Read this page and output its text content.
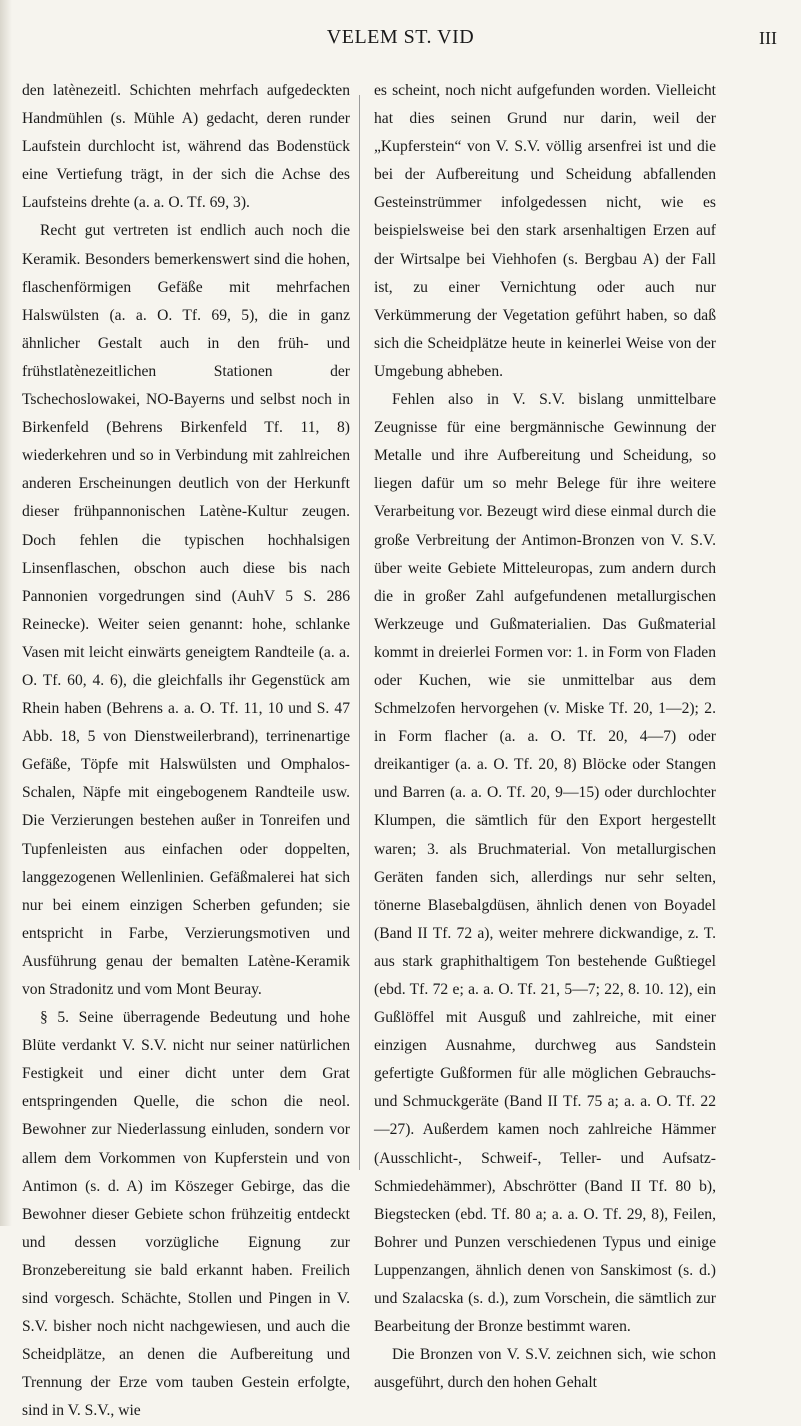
VELEM ST. VID	III

den latènezeitl. Schichten mehrfach aufgedeckten Handmühlen (s. Mühle A) gedacht, deren runder Laufstein durchlocht ist, während das Bodenstück eine Vertiefung trägt, in der sich die Achse des Laufsteins drehte (a. a. O. Tf. 69, 3).

Recht gut vertreten ist endlich auch noch die Keramik. Besonders bemerkenswert sind die hohen, flaschenförmigen Gefäße mit mehrfachen Halswülsten (a. a. O. Tf. 69, 5), die in ganz ähnlicher Gestalt auch in den früh- und frühstlatènezeitlichen Stationen der Tschechoslowakei, NO-Bayerns und selbst noch in Birkenfeld (Behrens Birkenfeld Tf. 11, 8) wiederkehren und so in Verbindung mit zahlreichen anderen Erscheinungen deutlich von der Herkunft dieser frühpannonischen Latène-Kultur zeugen. Doch fehlen die typischen hochhalsigen Linsenflaschen, obschon auch diese bis nach Pannonien vorgedrungen sind (AuhV 5 S. 286 Reinecke). Weiter seien genannt: hohe, schlanke Vasen mit leicht einwärts geneigtem Randteile (a. a. O. Tf. 60, 4. 6), die gleichfalls ihr Gegenstück am Rhein haben (Behrens a. a. O. Tf. 11, 10 und S. 47 Abb. 18, 5 von Dienstweilerbrand), terrinenartige Gefäße, Töpfe mit Halswülsten und Omphalos-Schalen, Näpfe mit eingebogenem Randteile usw. Die Verzierungen bestehen außer in Tonreifen und Tupfenleisten aus einfachen oder doppelten, langgezogenen Wellenlinien. Gefäßmalerei hat sich nur bei einem einzigen Scherben gefunden; sie entspricht in Farbe, Verzierungsmotiven und Ausführung genau der bemalten Latène-Keramik von Stradonitz und vom Mont Beuray.

§ 5. Seine überragende Bedeutung und hohe Blüte verdankt V. S.V. nicht nur seiner natürlichen Festigkeit und einer dicht unter dem Grat entspringenden Quelle, die schon die neol. Bewohner zur Niederlassung einluden, sondern vor allem dem Vorkommen von Kupferstein und von Antimon (s. d. A) im Köszeger Gebirge, das die Bewohner dieser Gebiete schon frühzeitig entdeckt und dessen vorzügliche Eignung zur Bronzebereitung sie bald erkannt haben. Freilich sind vorgesch. Schächte, Stollen und Pingen in V. S.V. bisher noch nicht nachgewiesen, und auch die Scheidplätze, an denen die Aufbereitung und Trennung der Erze vom tauben Gestein erfolgte, sind in V. S.V., wie

es scheint, noch nicht aufgefunden worden. Vielleicht hat dies seinen Grund nur darin, weil der „Kupferstein“ von V. S.V. völlig arsenfrei ist und die bei der Aufbereitung und Scheidung abfallenden Gesteinstrümmer infolgedessen nicht, wie es beispielsweise bei den stark arsenhaltigen Erzen auf der Wirtsalpe bei Viehhofen (s. Bergbau A) der Fall ist, zu einer Vernichtung oder auch nur Verkümmerung der Vegetation geführt haben, so daß sich die Scheidplätze heute in keinerlei Weise von der Umgebung abheben.

Fehlen also in V. S.V. bislang unmittelbare Zeugnisse für eine bergmännische Gewinnung der Metalle und ihre Aufbereitung und Scheidung, so liegen dafür um so mehr Belege für ihre weitere Verarbeitung vor. Bezeugt wird diese einmal durch die große Verbreitung der Antimon-Bronzen von V. S.V. über weite Gebiete Mitteleuropas, zum andern durch die in großer Zahl aufgefundenen metallurgischen Werkzeuge und Gußmaterialien. Das Gußmaterial kommt in dreierlei Formen vor: 1. in Form von Fladen oder Kuchen, wie sie unmittelbar aus dem Schmelzofen hervorgehen (v. Miske Tf. 20, 1—2); 2. in Form flacher (a. a. O. Tf. 20, 4—7) oder dreikantiger (a. a. O. Tf. 20, 8) Blöcke oder Stangen und Barren (a. a. O. Tf. 20, 9—15) oder durchlochter Klumpen, die sämtlich für den Export hergestellt waren; 3. als Bruchmaterial. Von metallurgischen Geräten fanden sich, allerdings nur sehr selten, tönerne Blasebalgdüsen, ähnlich denen von Boyadel (Band II Tf. 72 a), weiter mehrere dickwandige, z. T. aus stark graphithaltigem Ton bestehende Gußtiegel (ebd. Tf. 72 e; a. a. O. Tf. 21, 5—7; 22, 8. 10. 12), ein Gußlöffel mit Ausguß und zahlreiche, mit einer einzigen Ausnahme, durchweg aus Sandstein gefertigte Gußformen für alle möglichen Gebrauchs- und Schmuckgeräte (Band II Tf. 75 a; a. a. O. Tf. 22—27). Außerdem kamen noch zahlreiche Hämmer (Ausschlicht-, Schweif-, Teller- und Aufsatz-Schmiedehämmer), Abschrötter (Band II Tf. 80 b), Biegstecken (ebd. Tf. 80 a; a. a. O. Tf. 29, 8), Feilen, Bohrer und Punzen verschiedenen Typus und einige Luppenzangen, ähnlich denen von Sanskimost (s. d.) und Szalacska (s. d.), zum Vorschein, die sämtlich zur Bearbeitung der Bronze bestimmt waren.

Die Bronzen von V. S.V. zeichnen sich, wie schon ausgeführt, durch den hohen Gehalt
